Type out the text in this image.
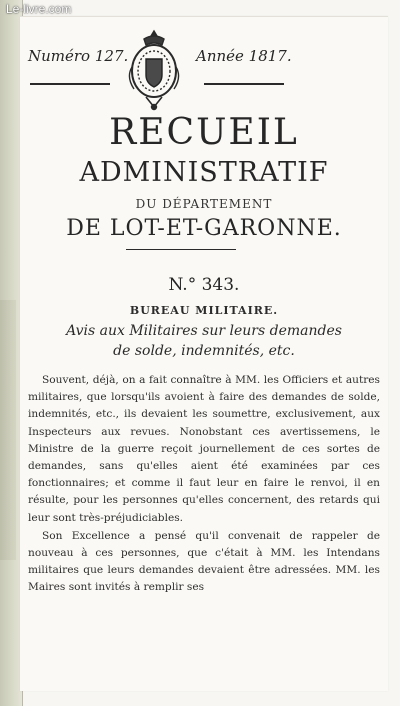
Le-livre.com
Numéro 127.	Année 1817.
RECUEIL
ADMINISTRATIF
DU DÉPARTEMENT
DE LOT-ET-GARONNE.
N.° 343.
BUREAU MILITAIRE.
Avis aux Militaires sur leurs demandes
de solde, indemnités, etc.

Souvent, déjà, on a fait connaître à MM. les Officiers et autres militaires, que lorsqu'ils avoient à faire des demandes de solde, indemnités, etc., ils devaient les soumettre, exclusivement, aux Inspecteurs aux revues. Nonobstant ces avertissemens, le Ministre de la guerre reçoit journellement de ces sortes de demandes, sans qu'elles aient été examinées par ces fonctionnaires; et comme il faut leur en faire le renvoi, il en résulte, pour les personnes qu'elles concernent, des retards qui leur sont très-préjudiciables.

Son Excellence a pensé qu'il convenait de rappeler de nouveau à ces personnes, que c'était à MM. les Intendans militaires que leurs demandes devaient être adressées. MM. les Maires sont invités à remplir ses
